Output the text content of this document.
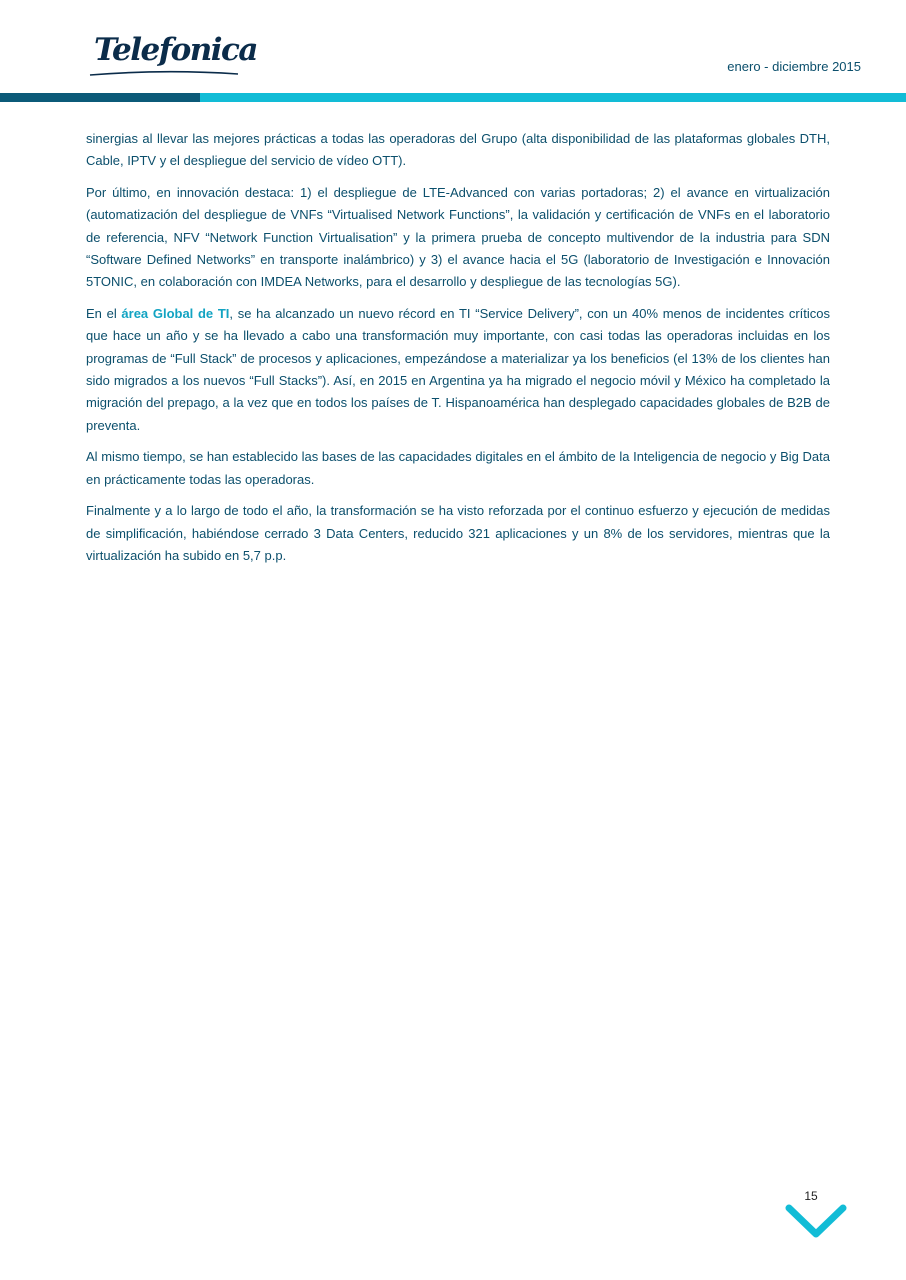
Telefonica	enero - diciembre 2015

sinergias al llevar las mejores prácticas a todas las operadoras del Grupo (alta disponibilidad de las plataformas globales DTH, Cable, IPTV y el despliegue del servicio de vídeo OTT).

Por último, en innovación destaca: 1) el despliegue de LTE-Advanced con varias portadoras; 2) el avance en virtualización (automatización del despliegue de VNFs “Virtualised Network Functions”, la validación y certificación de VNFs en el laboratorio de referencia, NFV “Network Function Virtualisation” y la primera prueba de concepto multivendor de la industria para SDN “Software Defined Networks” en transporte inalámbrico) y 3) el avance hacia el 5G (laboratorio de Investigación e Innovación 5TONIC, en colaboración con IMDEA Networks, para el desarrollo y despliegue de las tecnologías 5G).

En el área Global de TI, se ha alcanzado un nuevo récord en TI “Service Delivery”, con un 40% menos de incidentes críticos que hace un año y se ha llevado a cabo una transformación muy importante, con casi todas las operadoras incluidas en los programas de “Full Stack” de procesos y aplicaciones, empezándose a materializar ya los beneficios (el 13% de los clientes han sido migrados a los nuevos “Full Stacks”). Así, en 2015 en Argentina ya ha migrado el negocio móvil y México ha completado la migración del prepago, a la vez que en todos los países de T. Hispanoamérica han desplegado capacidades globales de B2B de preventa.

Al mismo tiempo, se han establecido las bases de las capacidades digitales en el ámbito de la Inteligencia de negocio y Big Data en prácticamente todas las operadoras.

Finalmente y a lo largo de todo el año, la transformación se ha visto reforzada por el continuo esfuerzo y ejecución de medidas de simplificación, habiéndose cerrado 3 Data Centers, reducido 321 aplicaciones y un 8% de los servidores, mientras que la virtualización ha subido en 5,7 p.p.

15
